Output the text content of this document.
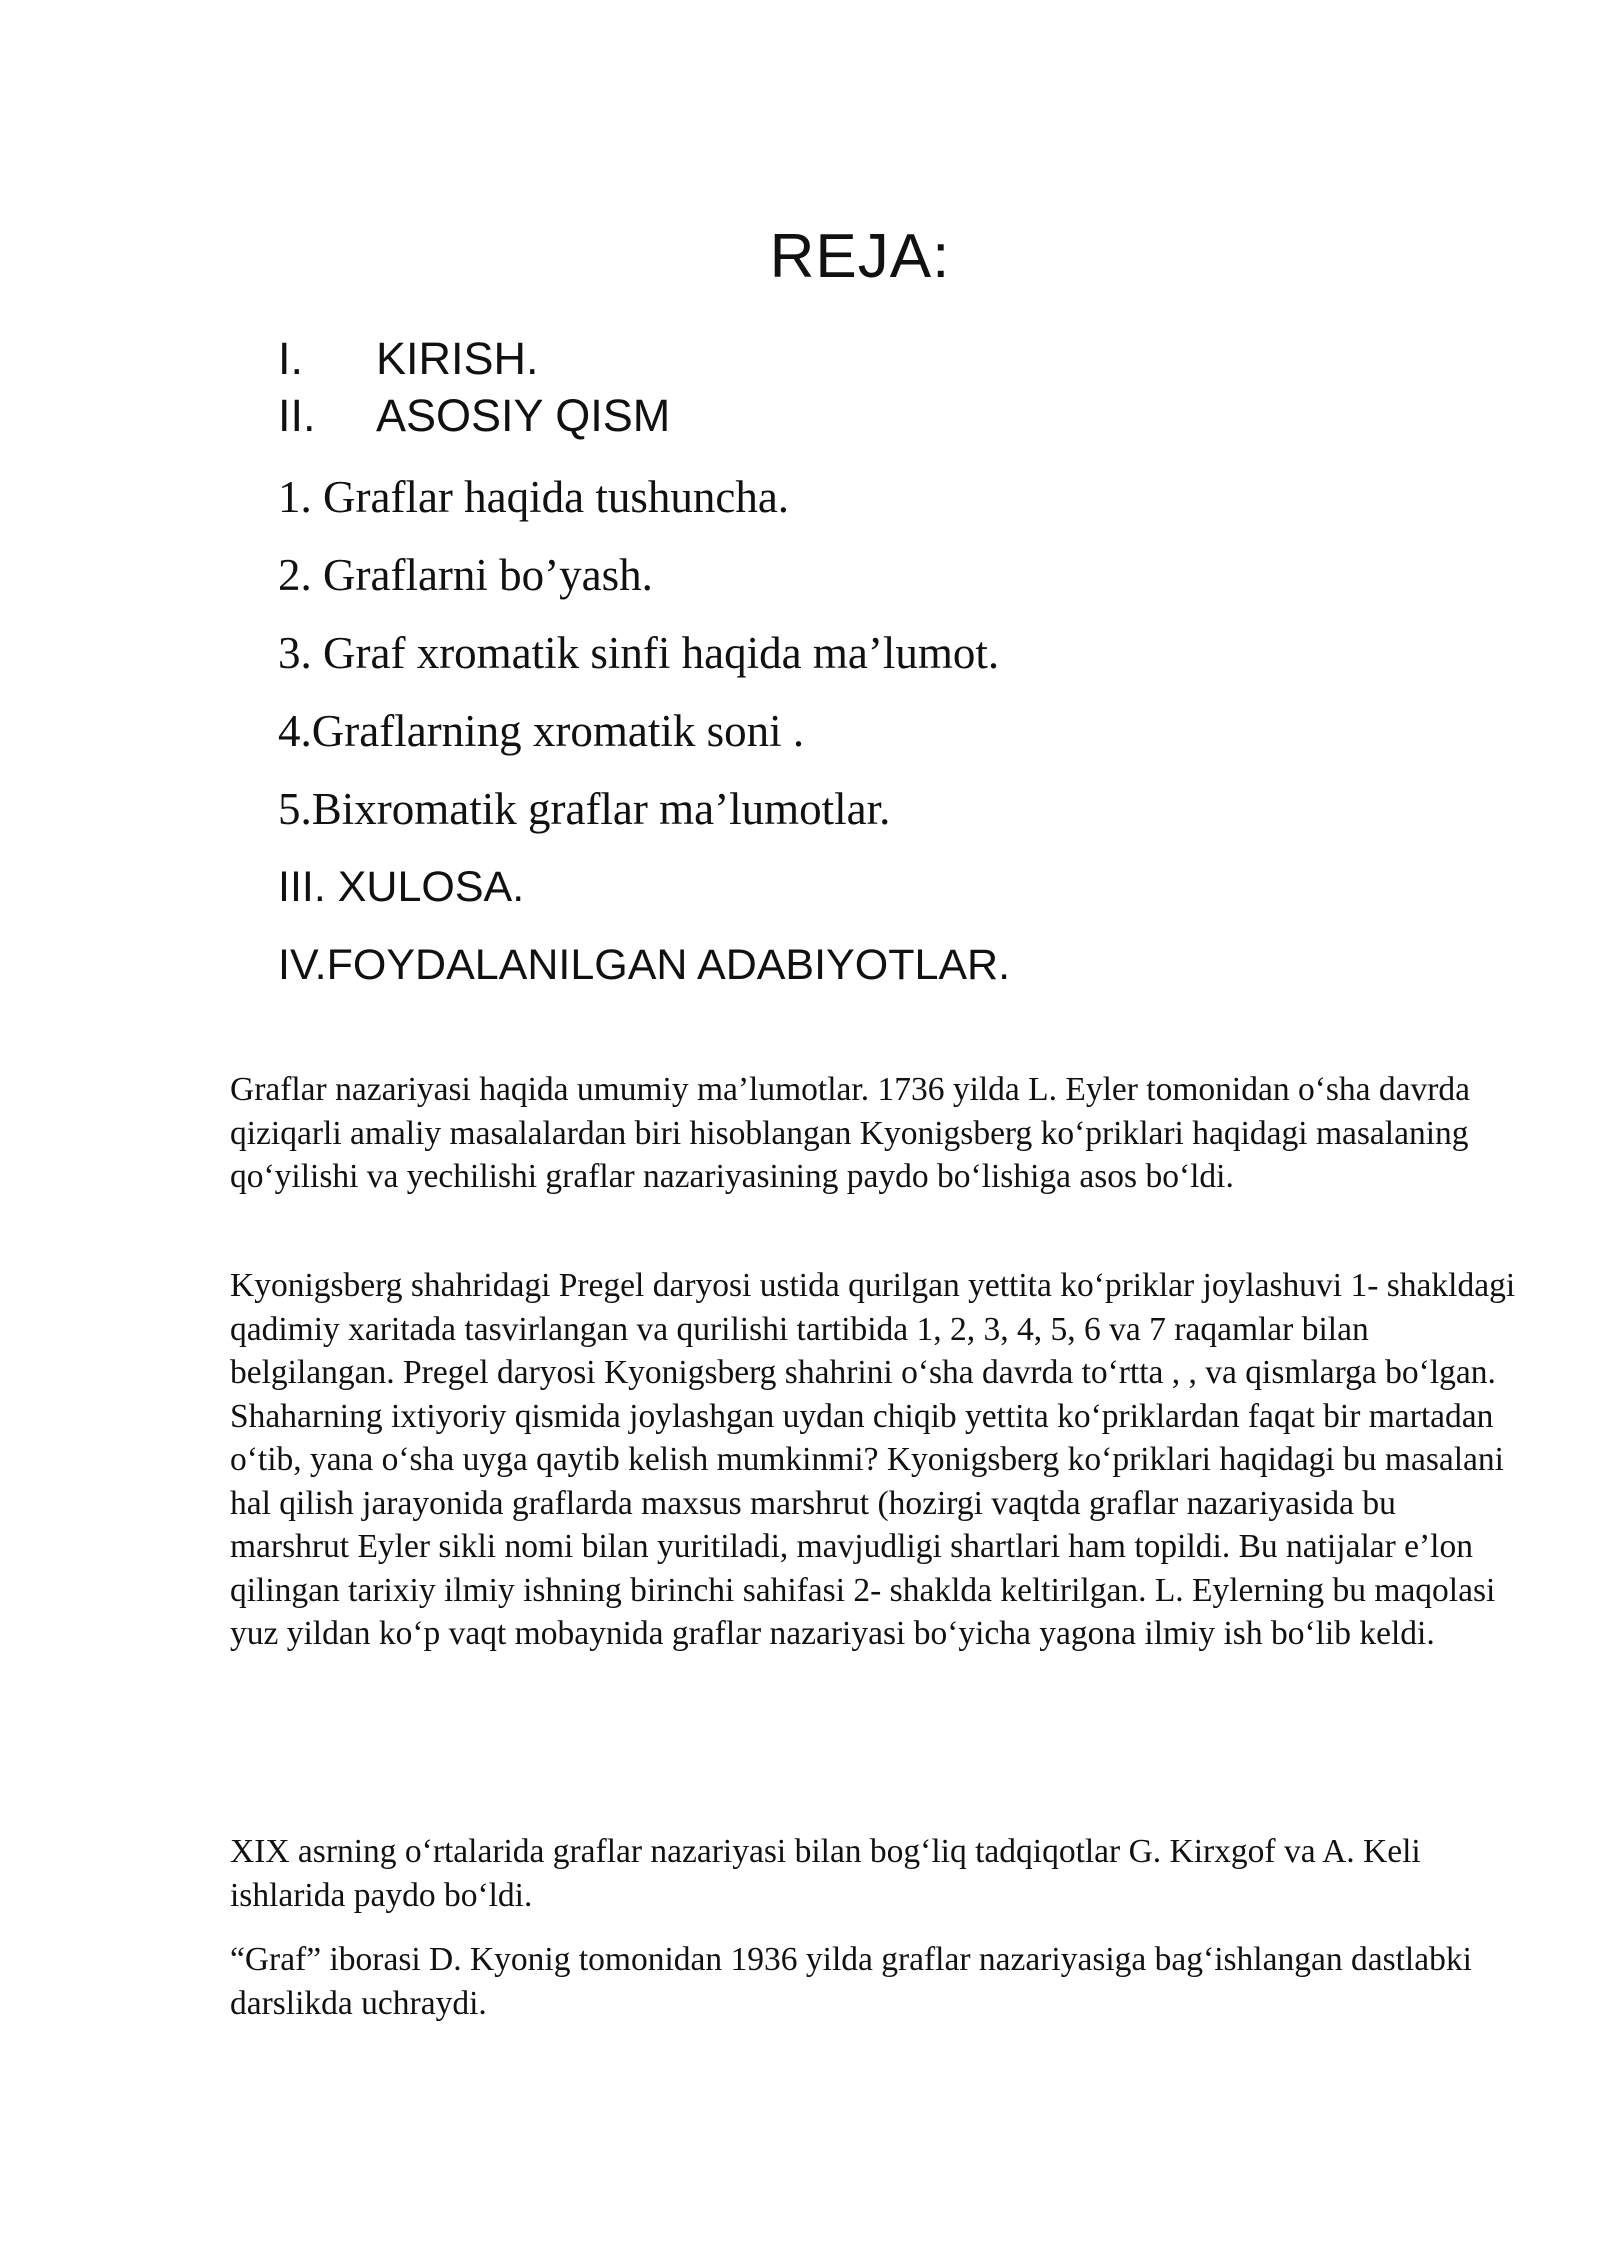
REJA:
I.	KIRISH.
II.	ASOSIY QISM
1. Graflar haqida tushuncha.
2. Graflarni bo’yash.
3. Graf xromatik sinfi haqida ma’lumot.
4.Graflarning xromatik soni .
5.Bixromatik graflar ma’lumotlar.
III. XULOSA.
IV.FOYDALANILGAN ADABIYOTLAR.

Graflar nazariyasi haqida umumiy ma’lumotlar. 1736 yilda L. Eyler tomonidan o‘sha davrda qiziqarli amaliy masalalardan biri hisoblangan Kyonigsberg ko‘priklari haqidagi masalaning qo‘yilishi va yechilishi graflar nazariyasining paydo bo‘lishiga asos bo‘ldi.

Kyonigsberg shahridagi Pregel daryosi ustida qurilgan yettita ko‘priklar joylashuvi 1- shakldagi qadimiy xaritada tasvirlangan va qurilishi tartibida 1, 2, 3, 4, 5, 6 va 7 raqamlar bilan belgilangan. Pregel daryosi Kyonigsberg shahrini o‘sha davrda to‘rtta , , va qismlarga bo‘lgan. Shaharning ixtiyoriy qismida joylashgan uydan chiqib yettita ko‘priklardan faqat bir martadan o‘tib, yana o‘sha uyga qaytib kelish mumkinmi? Kyonigsberg ko‘priklari haqidagi bu masalani hal qilish jarayonida graflarda maxsus marshrut (hozirgi vaqtda graflar nazariyasida bu marshrut Eyler sikli nomi bilan yuritiladi, mavjudligi shartlari ham topildi. Bu natijalar e’lon qilingan tarixiy ilmiy ishning birinchi sahifasi 2- shaklda keltirilgan. L. Eylerning bu maqolasi yuz yildan ko‘p vaqt mobaynida graflar nazariyasi bo‘yicha yagona ilmiy ish bo‘lib keldi.

XIX asrning o‘rtalarida graflar nazariyasi bilan bog‘liq tadqiqotlar G. Kirxgof va A. Keli ishlarida paydo bo‘ldi.

“Graf” iborasi D. Kyonig tomonidan 1936 yilda graflar nazariyasiga bag‘ishlangan dastlabki darslikda uchraydi.
